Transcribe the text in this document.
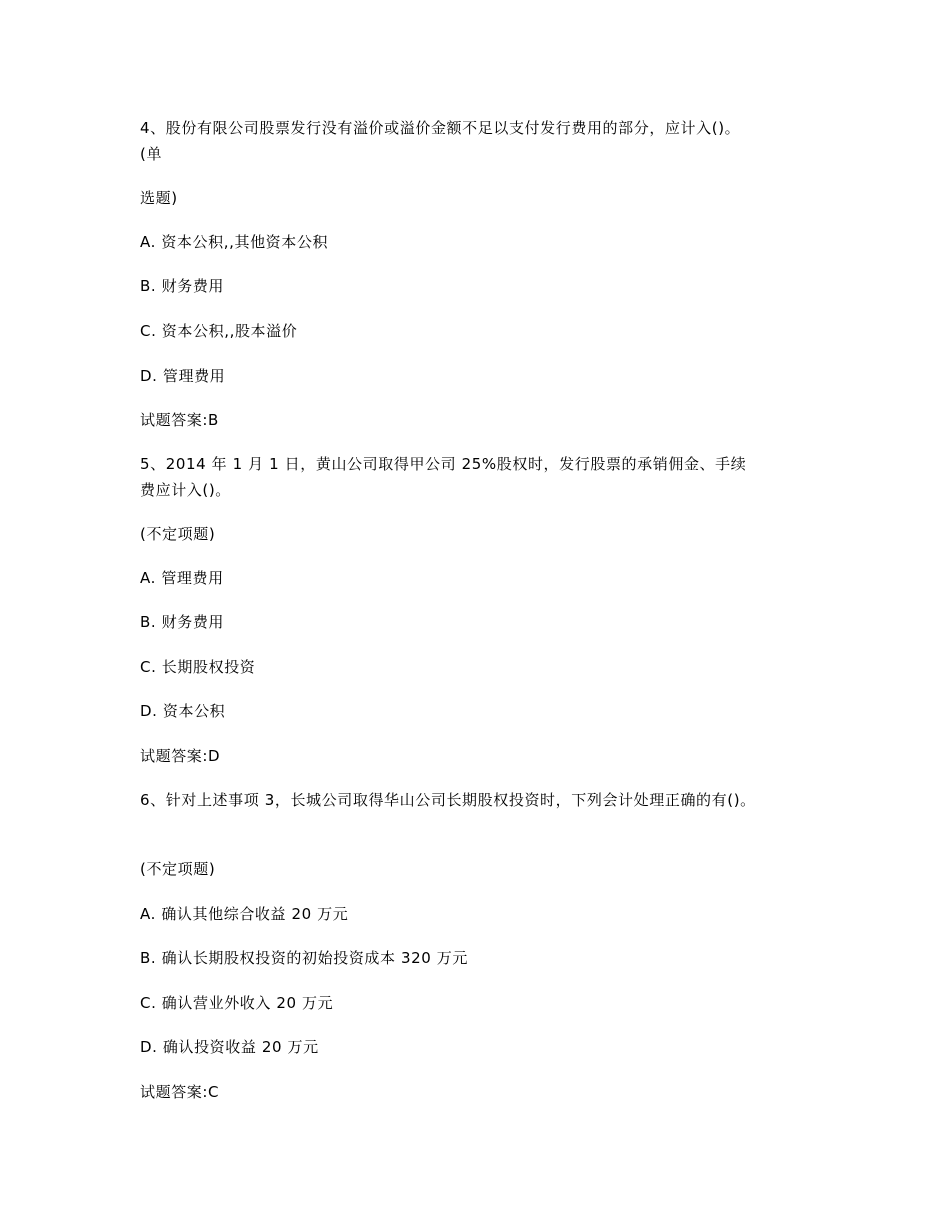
4、股份有限公司股票发行没有溢价或溢价金额不足以支付发行费用的部分，应计入()。
(单
选题)
A. 资本公积,,其他资本公积
B. 财务费用
C. 资本公积,,股本溢价
D. 管理费用
试题答案:B
5、2014 年 1 月 1 日，黄山公司取得甲公司 25%股权时，发行股票的承销佣金、手续
费应计入()。
(不定项题)
A. 管理费用
B. 财务费用
C. 长期股权投资
D. 资本公积
试题答案:D
6、针对上述事项 3，长城公司取得华山公司长期股权投资时，下列会计处理正确的有()。
(不定项题)
A. 确认其他综合收益 20 万元
B. 确认长期股权投资的初始投资成本 320 万元
C. 确认营业外收入 20 万元
D. 确认投资收益 20 万元
试题答案:C
